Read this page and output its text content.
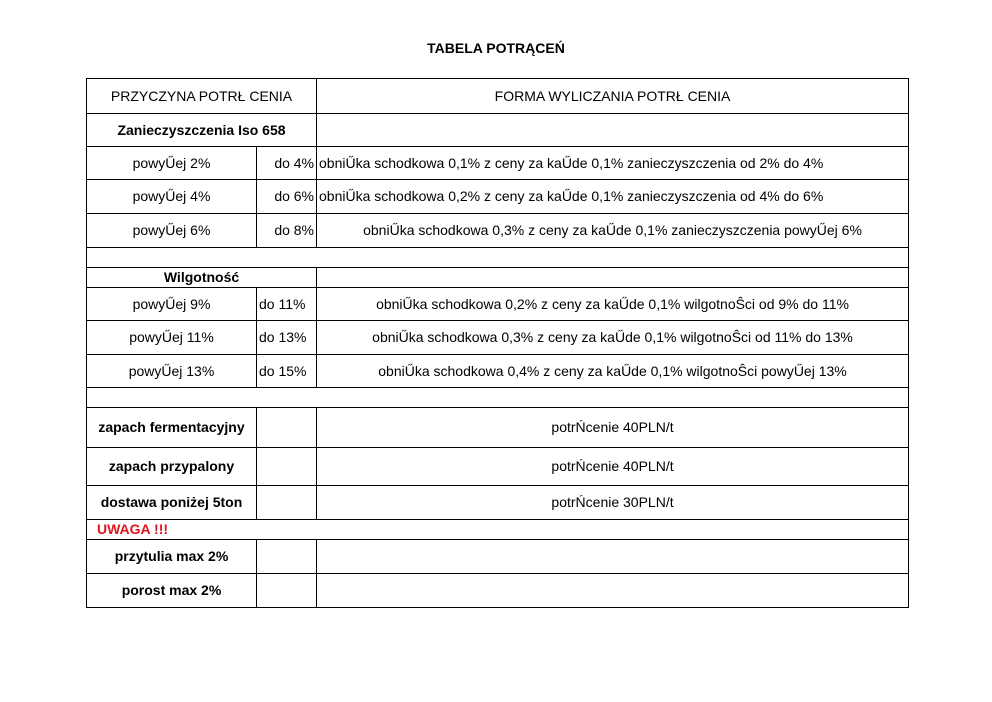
TABELA POTRĄCEŃ
PRZYCZYNA POTRŁ CENIA		FORMA WYLICZANIA POTRŁ CENIA
Zanieczyszczenia Iso 658		
powyŰej 2%	do 4%	obniŰka schodkowa 0,1% z ceny za kaŰde 0,1% zanieczyszczenia od 2% do 4%
powyŰej 4%	do 6%	obniŰka schodkowa 0,2% z ceny za kaŰde 0,1% zanieczyszczenia od 4% do 6%
powyŰej 6%	do 8%	obniŰka schodkowa 0,3% z ceny za kaŰde 0,1% zanieczyszczenia powyŰej 6%

Wilgotność		
powyŰej 9%	do 11%	obniŰka schodkowa 0,2% z ceny za kaŰde 0,1% wilgotnoŜci od 9% do 11%
powyŰej 11%	do 13%	obniŰka schodkowa 0,3% z ceny za kaŰde 0,1% wilgotnoŜci od 11% do 13%
powyŰej 13%	do 15%	obniŰka schodkowa 0,4% z ceny za kaŰde 0,1% wilgotnoŜci powyŰej 13%

zapach fermentacyjny		potrŃcenie 40PLN/t
zapach przypalony		potrŃcenie 40PLN/t
dostawa poniżej 5ton		potrŃcenie 30PLN/t
UWAGA !!!		
przytulia max 2%		
porost max 2%		
